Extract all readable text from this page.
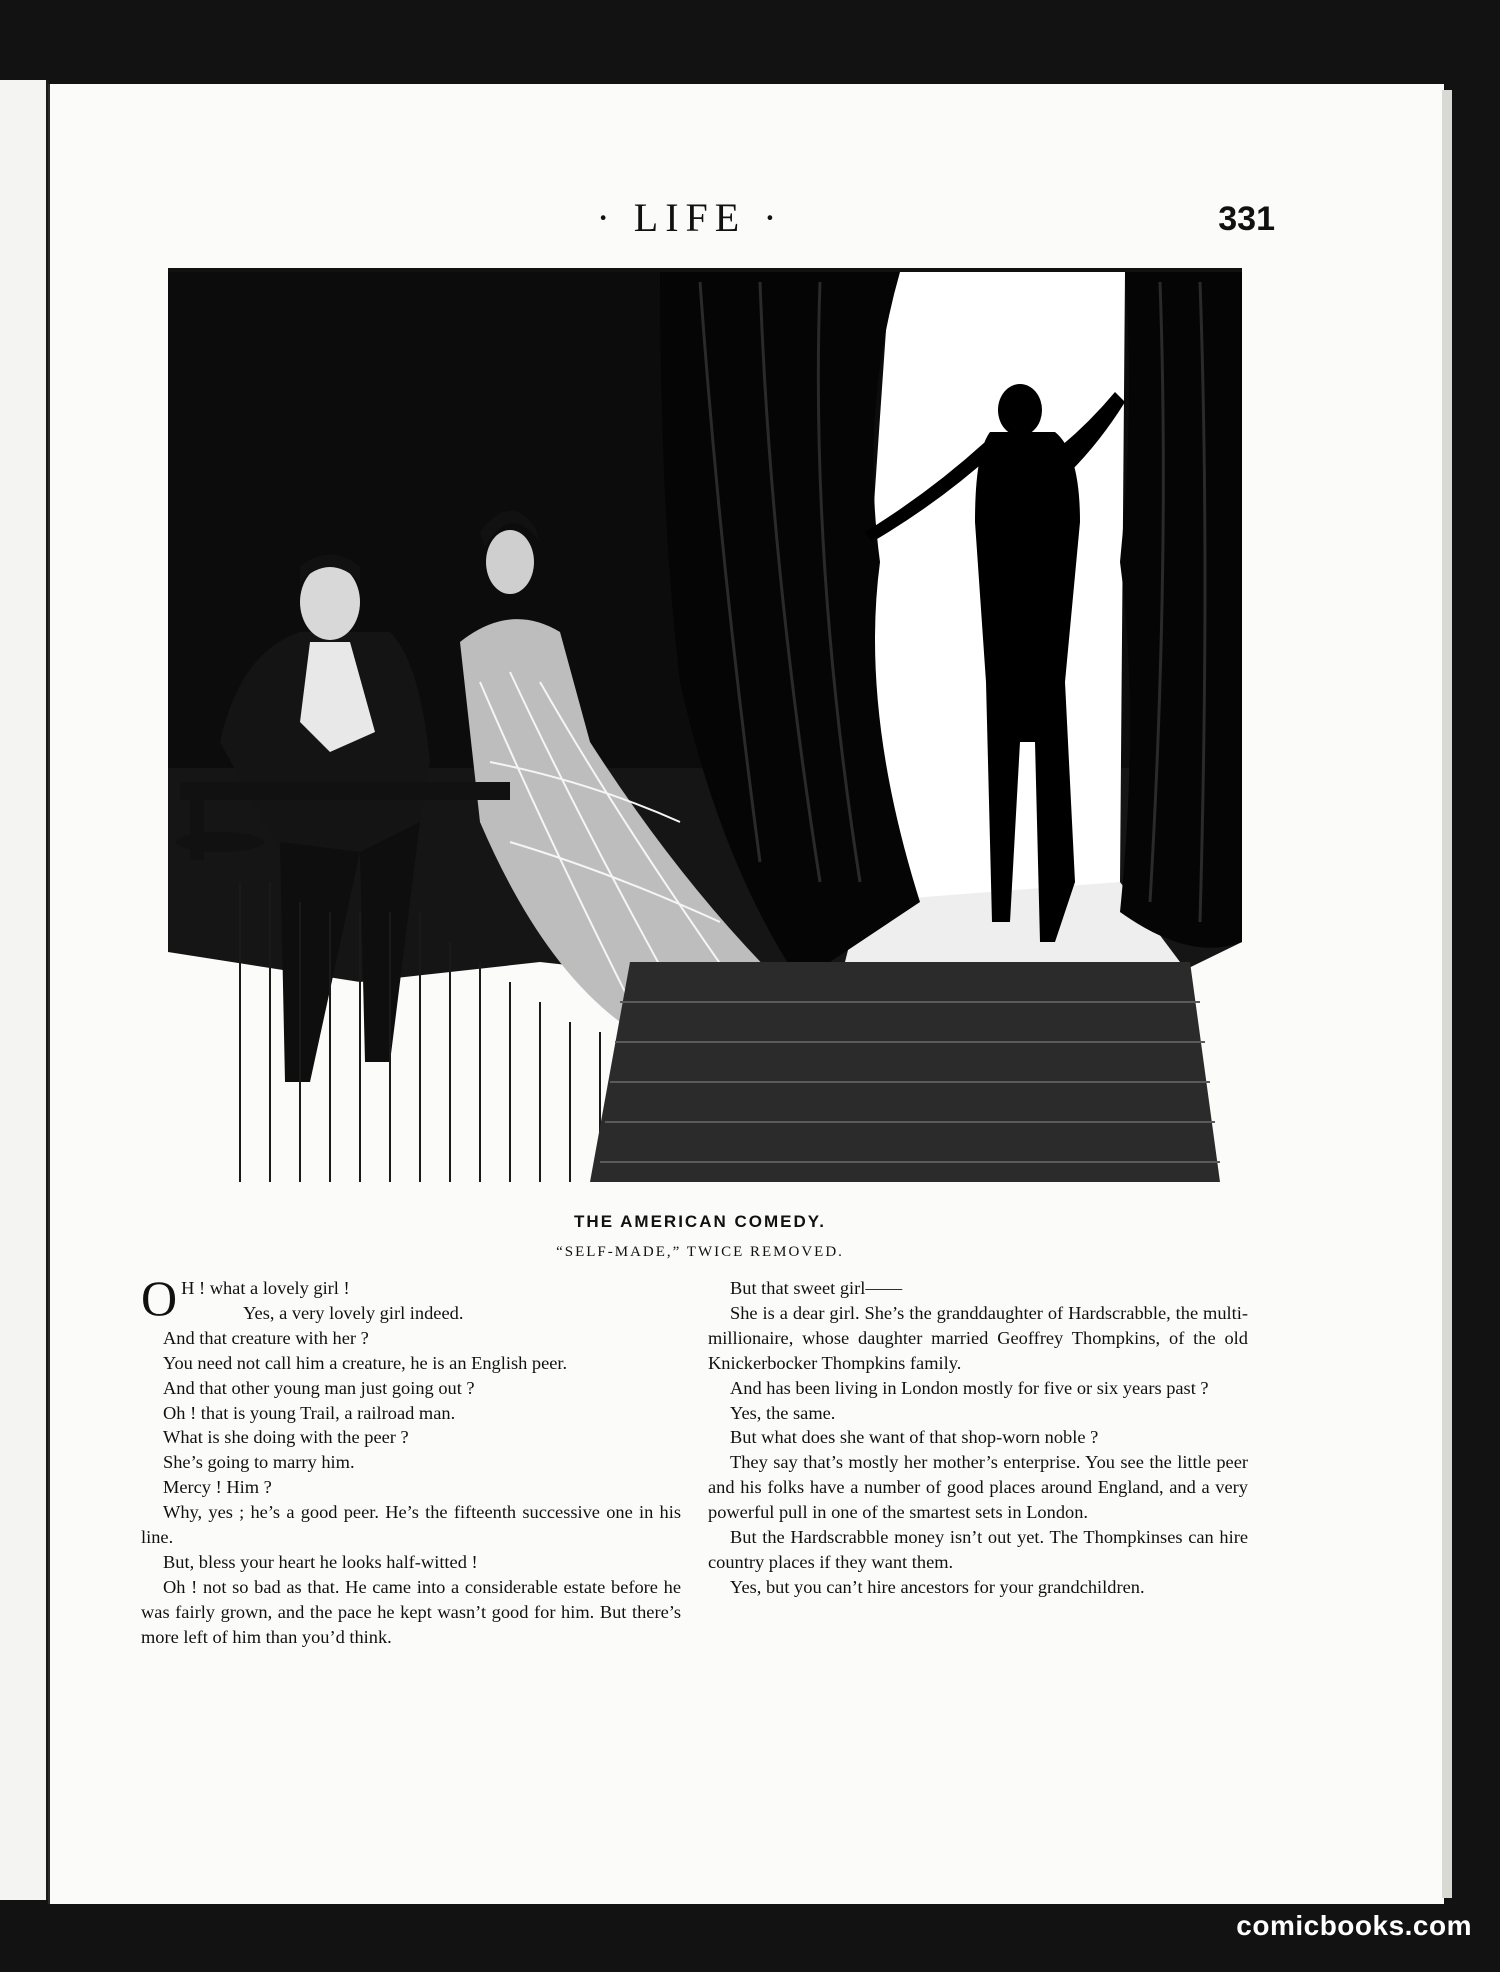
· LIFE ·	331
THE AMERICAN COMEDY.
“SELF-MADE,” TWICE REMOVED.

O H ! what a lovely girl !

Yes, a very lovely girl indeed.

And that creature with her ?

You need not call him a creature, he is an English peer.

And that other young man just going out ?

Oh ! that is young Trail, a railroad man.

What is she doing with the peer ?

She’s going to marry him.

Mercy ! Him ?

Why, yes ; he’s a good peer. He’s the fifteenth successive one in his line.

But, bless your heart he looks half-witted !

Oh ! not so bad as that. He came into a considerable estate before he was fairly grown, and the pace he kept wasn’t good for him. But there’s more left of him than you’d think.

But that sweet girl——

She is a dear girl. She’s the granddaughter of Hardscrabble, the multi-millionaire, whose daughter married Geoffrey Thompkins, of the old Knickerbocker Thompkins family.

And has been living in London mostly for five or six years past ?

Yes, the same.

But what does she want of that shop-worn noble ?

They say that’s mostly her mother’s enterprise. You see the little peer and his folks have a number of good places around England, and a very powerful pull in one of the smartest sets in London.

But the Hardscrabble money isn’t out yet. The Thompkinses can hire country places if they want them.

Yes, but you can’t hire ancestors for your grandchildren.

comicbooks.com
